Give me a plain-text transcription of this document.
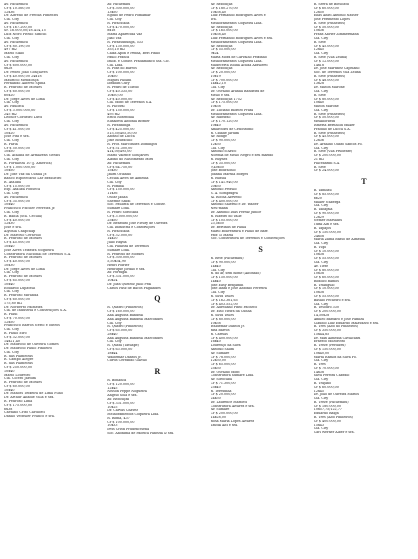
Av. Pacaembú
Cr $ 10.560,00
12x36
Dr. Alfredo de Freitas Pimentel
Cia. City
Av. Pacaembú
Cr $ 167.200,00
Sr. 16.000,00/18.414,15
Luiz Nitro Pitrlio Simchi
Cia. City
Av. Pacaembú
Cr $ 80.190,00
497 m2
Mario Sikio
Cia. City
Av. Pacaembú
Cr $ 600.000,00
8x28
Dr. Pedro João Gonçalves
Cr $ 40.000,00 24x18
Maurício Mendonça
Fernando Alberto Spina
R. Pedroso de Moraes
Cr $ 60.000,00
60x20
Dr. Jorge Alves de Lima
Cia. City
Av. Paulista
Cr $ 3.000.000,00
245 m2
Leonor Cordeiro Lutti
Cia. City
Av. Pacaembú
Cr $ 41.000,00
10x20
José Pini e sra.
Cia. City
R. Faria
Cr $ 50.000,00
10x50
Cia. Ataliba de Armazens Gerais
Cia. City
R. Fortaleza 10 (J. América)
Cr $ 1.000.000,00
10x50
Dr. José Vaz da Cunha Jr.
Banco Hipotecário Lar Brasileiro
R. Ataliba
Cr $ 15.000,00
Esp. Ataliba Fonseca
Cia. City
Av. Pacaembú
Cr $ 35.000,00
10x40
Francisco Fischer Ferreira Jr.
Cia. City
R. Bahia (Sta. Cecília)
Cr $ 40.000,00
12x30
José e sra.
Alyonla Chapchap
Dr. Marcelo Cerávolo
R. Pedroso de Moraes
Cr $ 45.000,00
10x40
José Alves Teixeira Nogueira
Construtora Nacional de Terrenos S.A.
R. Pedroso de Moraes
Cr $ 40.000,00
10x30
Dr. Jorge Alves de Lima
Cia. City
R. Pedroso de Moraes
Cr $ 65.000,00
10x40
Eduardo Lupatelli
Cia. City
R. Pedroso Miranda
Cr $ 60.000,00
175,80 m2
Dr. Norberto Palmeira
Cia. de Indústria e Construções S.A.
R. Piauí
Cr $ 70.000,00
12x50
Francisco Barros Netto e outros
Cia. City
R. Paulo Eiró
Cr $ 32.000,00
14x21,40
Dr. Maurício de Oliveira Gomes
Dr. Maurício Paulo Pinheiro
Cia. City
R. das Palmeiras
R. Campo Alegre
R. das Palmeiras
Cr $ 250.000,00
10x40
Mario Loureiro
Cia. Cícero Jardim
R. Pedroso de Moraes
Cr $ 60.000,00
10x40
Dr. Manoel Teixeira de Lima Filho
Dr. Arthur Abadie Villa e sra.
R. Pedroso Lima
Cr $ 175.000,00
6x38
Caetano Crito Cardiotti
Danilo Veiteller Franco e sra.
Av. Pacaembú
Cr $ 300.000,00
13x50
Egidio de Pedro Pomamar
Cia. City
R. Piracicaba
Cr $ 470.000,00
8x18
Maria Aparecida Vaz
João Vaz
R. Pirassununga, 533
Cr $ 130.000,00
355,10 m2
Caiza Apon e Penna, Beri Pinho
Paulo Franca
Imob. e Constr. Pradamunco Sta. Cic.
Cia. Lida.
R. Pont do Barros
Cr $ 100.000,00
10x50
Miguel Paolini
Ibrahim Cury
R. Pedro de Toledo
Cr $ 40.335,00
10x50,00
Cr $ 40.000,00
Cia. Mont de Terrenos S.A.
R. Pacoval
Cr $ 150.000,00
495 m2
Erich Rosenthal
Elisabeth Antonia Bittner
R. Piratininga
Cr $ 425.000,00
515,50/405,50,00
Afonso de Lucca
José Bourachio
R. Prof. Marcondes Domingos
Cr $ 51.300,00
414,00/495,00
Mario Valente Gonçalves
Albino do Nascimento Mies
Av. Pacaembú
Cr $ 64.750,00
15x30
Jaurn Orlando
Cecília Alves de Almeida
Cia. City
R. Pombal
Cr $ 150.000,00
11x36
Oscar Jadah
Sherine Sasdi
Soc. Paulista de Terrenos e Constr.
Sumaré Ltda.
R. Pedro Sorocaba
Cr $ 3.000.000,00
25x50
Dr. Benedito José Fleury de Oliveira
Cia. Indústria e Construções
R. Piracicaba
Cr $ 32.000,00
14x20
Julio Hayda
Cia. Paulista de Terrenos
Sumaré Ltda.
R. Pedroso de Moraes
Cr $ 300.000,00
5,50x34,90
Henri Poirier
Henrique Jordão e sra.
Av. Portugal
Cr $ 331.000,00
10x24
Dr. Joan Queiroz Júlio Pral
Carlos Pasz de Bacos Pagiandes
Q
R. Quatro (Pinheiros)
Cr $ 160.000,00
Ana Augusta Bandeal
Ana Augusta Bandeal Marcondes
Cia. City
R. Quatro (Pinheiros)
Cr $ 65.000,00
28x40
Ana Augusta Bandeal Marcondes
Cia. City
R. Quatá (Tatuapé)
Cr $ 63.000,00
18x44
Waldemar Dantos Jr.
Curtis Cerrando Galvão
R
R. Bonanca
Cr $ 120.000,00
12x45
Nelson Peppe Nogueira
Angelo Sola e sra.
Av. Rebouças
Cr $ 331.000,00
10x25
Dr. Carvas Chavez
Melhoramentos Coqueira Lida.
R. Roma, 437
Cr $ 100.000,00
10x33
Irvis Cristi Prudencelena
Soc. Anônima de Fabrica Fanezia & sra.
Av. Rebouças
Cr $ 180.270,00
10x38,40
Luiz Fernando Rodrigues Alves e
sra.
Melhoramentos Coqueira Lida.
Av. Rebouças
Cr $ 165.000,00
10x38,40
Luiz Fernando Rodrigues Alves e sra.
Melhoramentos Coqueira Lida.
Av. Rebouças
Cr $ 55.000,00
9x24
Maria Mora de Carvalho Peixinho
Melhoramentos Coqueira Lida.
Mildecerta Isolda Acilda Abrillerti
Av. Rebouças
Cr $ 20.000,00
10x19
Cr $ 700.000,00
14x42,10
Cia. City
Dr. Osvaldo Aranha Bandeira de
Mello e sra.
Av. Rebouças 1752
Cr $ 175.000,00
10x38
Dr. Luciano Ribeiro Prata
Melhoramentos Coqueira Lida.
Av. Ribeirão
Cr $ 170.120,00
10x40
Amarcides de Crisóstomo
R. Cidade Jardim
Av. Rodge
Cr $ 90.000,00
12x30
Cia. City
Antonio d'Arico
Noemia de Mello Negro e seu marido
R. Ruynes
Cr $ 35.000,00
9,40x50
José Bourachio
Joanna Martha Borges
R. Russia
Cr $ 141.940,00
20x50
Antonio Petrillo
S. A. Sompragra
Al. Rocha Azevedo
Cr $ 400.000,00
Antonio Salerno e Dr. Walter
Neu-mann
Dr. Antonio Dias Ferraz Junior
R. Ribeiro do Valle
Cr $ 105.000,00
23,5x50
Dr. Bertinus de Paula
Mário Boaventura e Paulo de Barr.
Patr. & Maria
Soc. Construtora de Terrenos e Construções
S
R. Bete (Pacaembú)
Cr $ 90.000,00
14x40
Cia. City
R. do ar, sem nome (Alfonsão)
Cr $ 150.000,00
14x40
José Elisy Benjamin
José Ianni e José Antonio Ferreira
Cia. City
R. Silva Telles
Cr $ 162.361,65
Cr $ 403.552,00
Dr. Aureliano Pinto Pacheco
Dr. Elso Vieira da Cunha
R. Silva Telles
Cr $ 80.000,00
10x38
Waldemar Dantos Jr.
Rita Barros
R. Carelas
Cr $ 400.000,00
16x40
Lourenço da Silva
Antonio Salim
Av. Sumaré
Cr $ 78.000,00
12x30,00
Cr $ 65.000,00
25x30
Dr. Osvaldo Mont
Construtora Sumaré Lida.
Av. Sorocaba
Cr $ 71.300,00
25x40
R. Teresinha
Cr $ 20.000,00
24x30
Dr. Laurence Mariotti
Construtora Alvarez e sra.
Av. Sumaré
Cr $ 200.000,00
14x28,00
Rosa Maria Lopes Alvarez
Tautik Alti e sra.
R. Serra de Botucatú
Cr $ 60.000,00
12x50
Elias Aniel Antonio Nasser
José Perimento Lopes
R. Sete (Pinheiros)
Cr $ 50.000,00
10x36
Frans Xavier Zimmermann
Cia. City
R. Sete
Cr $ 45.000,00
12x45
Cia. City
R. Sete (Vila Zelina)
Cr $ 12.000,00
14x18
Dr. José Martinez Capelano
Soc. de Terrenos Vila Zelina
R. Sete (Pinheiros)
Cr $ 48.000,00
13x28
Dr. Milton Marone
Cia. City
R. Sete
Cr $ 80.000,00
10x40
Milton Marone
Cia. City
R. Sete (Pinheiros)
Cr $ 50.000,00
Melkhorbeid
Ismeria Bernhold Milker
Fradulo de Lucca S.A.
R. Sete (Pinheiros)
Cr $ 45.000,00
12x36
Dr. Arnaldo Oliato Santos Fo.
Cia. City
R. Sete (Vila Prudente)
Cr $ 200.000,00
21 m2
Piaceantini S.A.
R. Sete
Cr $ 24.000,00
T
R. Tambaú
Cr $ 85.000,00
6x20
Milker Naberga
Cia. City
R. Tabapuã
Cr $ 90.000,00
12x29
Nemer Marsadel
Tufik Alti e sra.
R. Tapajós
Cr $ 150.000,00
24x58
Maria Zilma Basso de Almeida
Cia. City
R. Tupi
Cr $ 10.000,00
10x38
Cr $ 55.000,00
Cia. City
Av. Tietê
Cr $ 80.000,00
10x38
Cr $ 60.000,00
Rodolfo Ramos
R. Triângulo
Cr $ 10.000,00
10x38
Cr $ 55.000,00
Basilio Pecheiro e sra.
Cia. City
R. Tesouro 330
Cr $ 200.000,00
14,50x28
Amíleo Barbaro e José Pamiza
Claudio Luiz Eduardo Malavazzo e sra.
R. Três (Alto do Pinheiros)
Cr $ 350.000,00
15x44,85
Dr. Max Almeida Cavalcanti
Ernesto Mozorotto
R. Treze (Perdizes)
Cr $ 150.000,00
10x40,00
Marta Ramos da Silva Fo.
Cia. City
R. Trés
Cr $ 70.000,00
14x38
Silva Pereira Cabraio
Cia. City
R. Trajano
Cr $ 60.000,00
12x45
Dr. João de Oliveira Mattos
Cia. City
R. Treze (Pacaembú)
Cr $ 180.000,00
10x57,75/122,77
Eduardo Baigh
R. Três (Alto Pinheiros)
Cr $ 400.000,00
15x43
Cia. City
Carl Werner Alber e sra.
